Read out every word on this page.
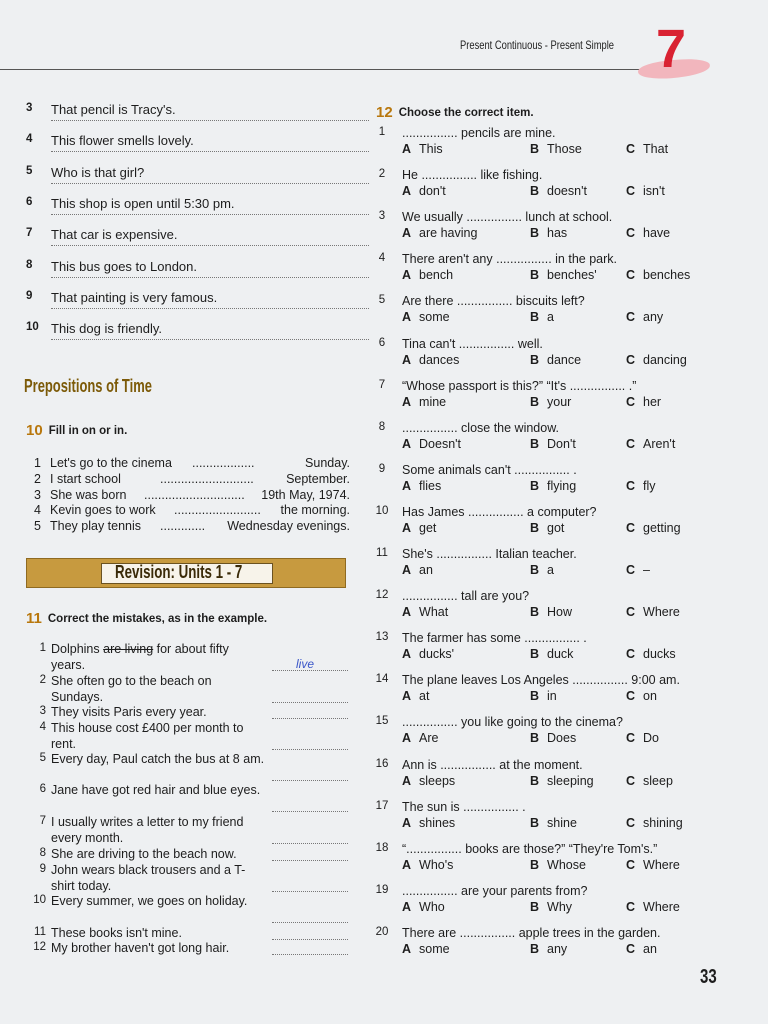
Present Continuous - Present Simple 7
3	That pencil is Tracy's.
4	This flower smells lovely.
5	Who is that girl?
6	This shop is open until 5:30 pm.
7	That car is expensive.
8	This bus goes to London.
9	That painting is very famous.
10 This dog is friendly.
Prepositions of Time
10 Fill in on or in.
1 Let's go to the cinema ..................	Sunday.
2 I start school	...........................	September.
3 She was born ............................. 19th May, 1974.
4 Kevin goes to work ......................... the morning.
5 They play tennis ............. Wednesday evenings.
Revision: Units 1 - 7
11 Correct the mistakes, as in the example.
1 Dolphins are living for about fifty years.	live
2 She often go to the beach on Sundays.
3 They visits Paris every year.
4 This house cost £400 per month to rent.
5 Every day, Paul catch the bus at 8 am.
6 Jane have got red hair and blue eyes.
7 I usually writes a letter to my friend every month.
8 She are driving to the beach now.
9 John wears black trousers and a T-shirt today.
10 Every summer, we goes on holiday.
11 These books isn't mine.
12 My brother haven't got long hair.
12 Choose the correct item.
1	................ pencils are mine.
A This	B Those	C That
2	He ................ like fishing.
A don't	B doesn't	C isn't
3	We usually ................ lunch at school.
A are having	B has	C have
4	There aren't any ................ in the park.
A bench	B benches' C benches
5	Are there ................ biscuits left?
A some	B a	C any
6	Tina can't ................ well.
A dances	B dance	C dancing
7	“Whose passport is this?” “It's ................ .”
A mine	B your	C her
8	................ close the window.
A Doesn't	B Don't	C Aren't
9	Some animals can't ................ .
A flies	B flying	C fly
10 Has James ................ a computer?
A get	B got	C getting
11 She's ................ Italian teacher.
A an	B a	C –
12 ................ tall are you?
A What	B How	C Where
13 The farmer has some ................ .
A ducks'	B duck	C ducks
14 The plane leaves Los Angeles ................ 9:00 am.
A at	B in	C on
15 ................ you like going to the cinema?
A Are	B Does	C Do
16 Ann is ................ at the moment.
A sleeps	B sleeping	C sleep
17 The sun is ................ .
A shines	B shine	C shining
18 “................ books are those?” “They're Tom's.”
A Who's	B Whose	C Where
19 ................ are your parents from?
A Who	B Why	C Where
20 There are ................ apple trees in the garden.
A some	B any	C an
33
